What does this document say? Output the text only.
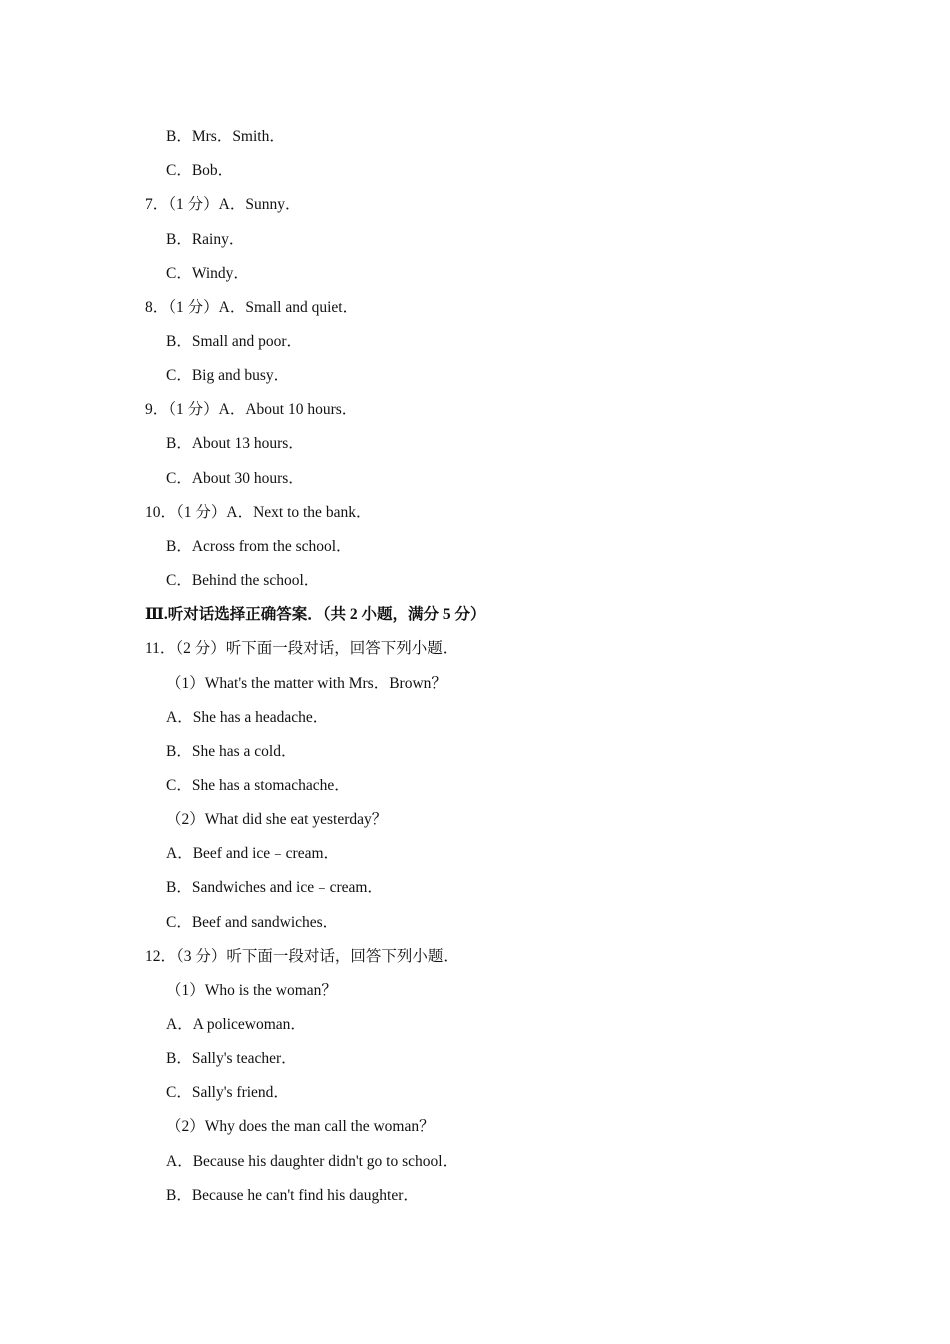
B．Mrs．Smith．
C．Bob．
7．（1 分）A．Sunny．
B．Rainy．
C．Windy．
8．（1 分）A．Small and quiet．
B．Small and poor．
C．Big and busy．
9．（1 分）A．About 10 hours．
B．About 13 hours．
C．About 30 hours．
10．（1 分）A．Next to the bank．
B．Across from the school．
C．Behind the school．
Ⅲ.听对话选择正确答案．（共 2 小题，满分 5 分）
11．（2 分）听下面一段对话，回答下列小题．
（1）What's the matter with Mrs．Brown？
A．She has a headache．
B．She has a cold．
C．She has a stomachache．
（2）What did she eat yesterday？
A．Beef and ice﹣cream．
B．Sandwiches and ice﹣cream．
C．Beef and sandwiches．
12．（3 分）听下面一段对话，回答下列小题．
（1）Who is the woman？
A．A policewoman．
B．Sally's teacher．
C．Sally's friend．
（2）Why does the man call the woman？
A．Because his daughter didn't go to school．
B．Because he can't find his daughter．
